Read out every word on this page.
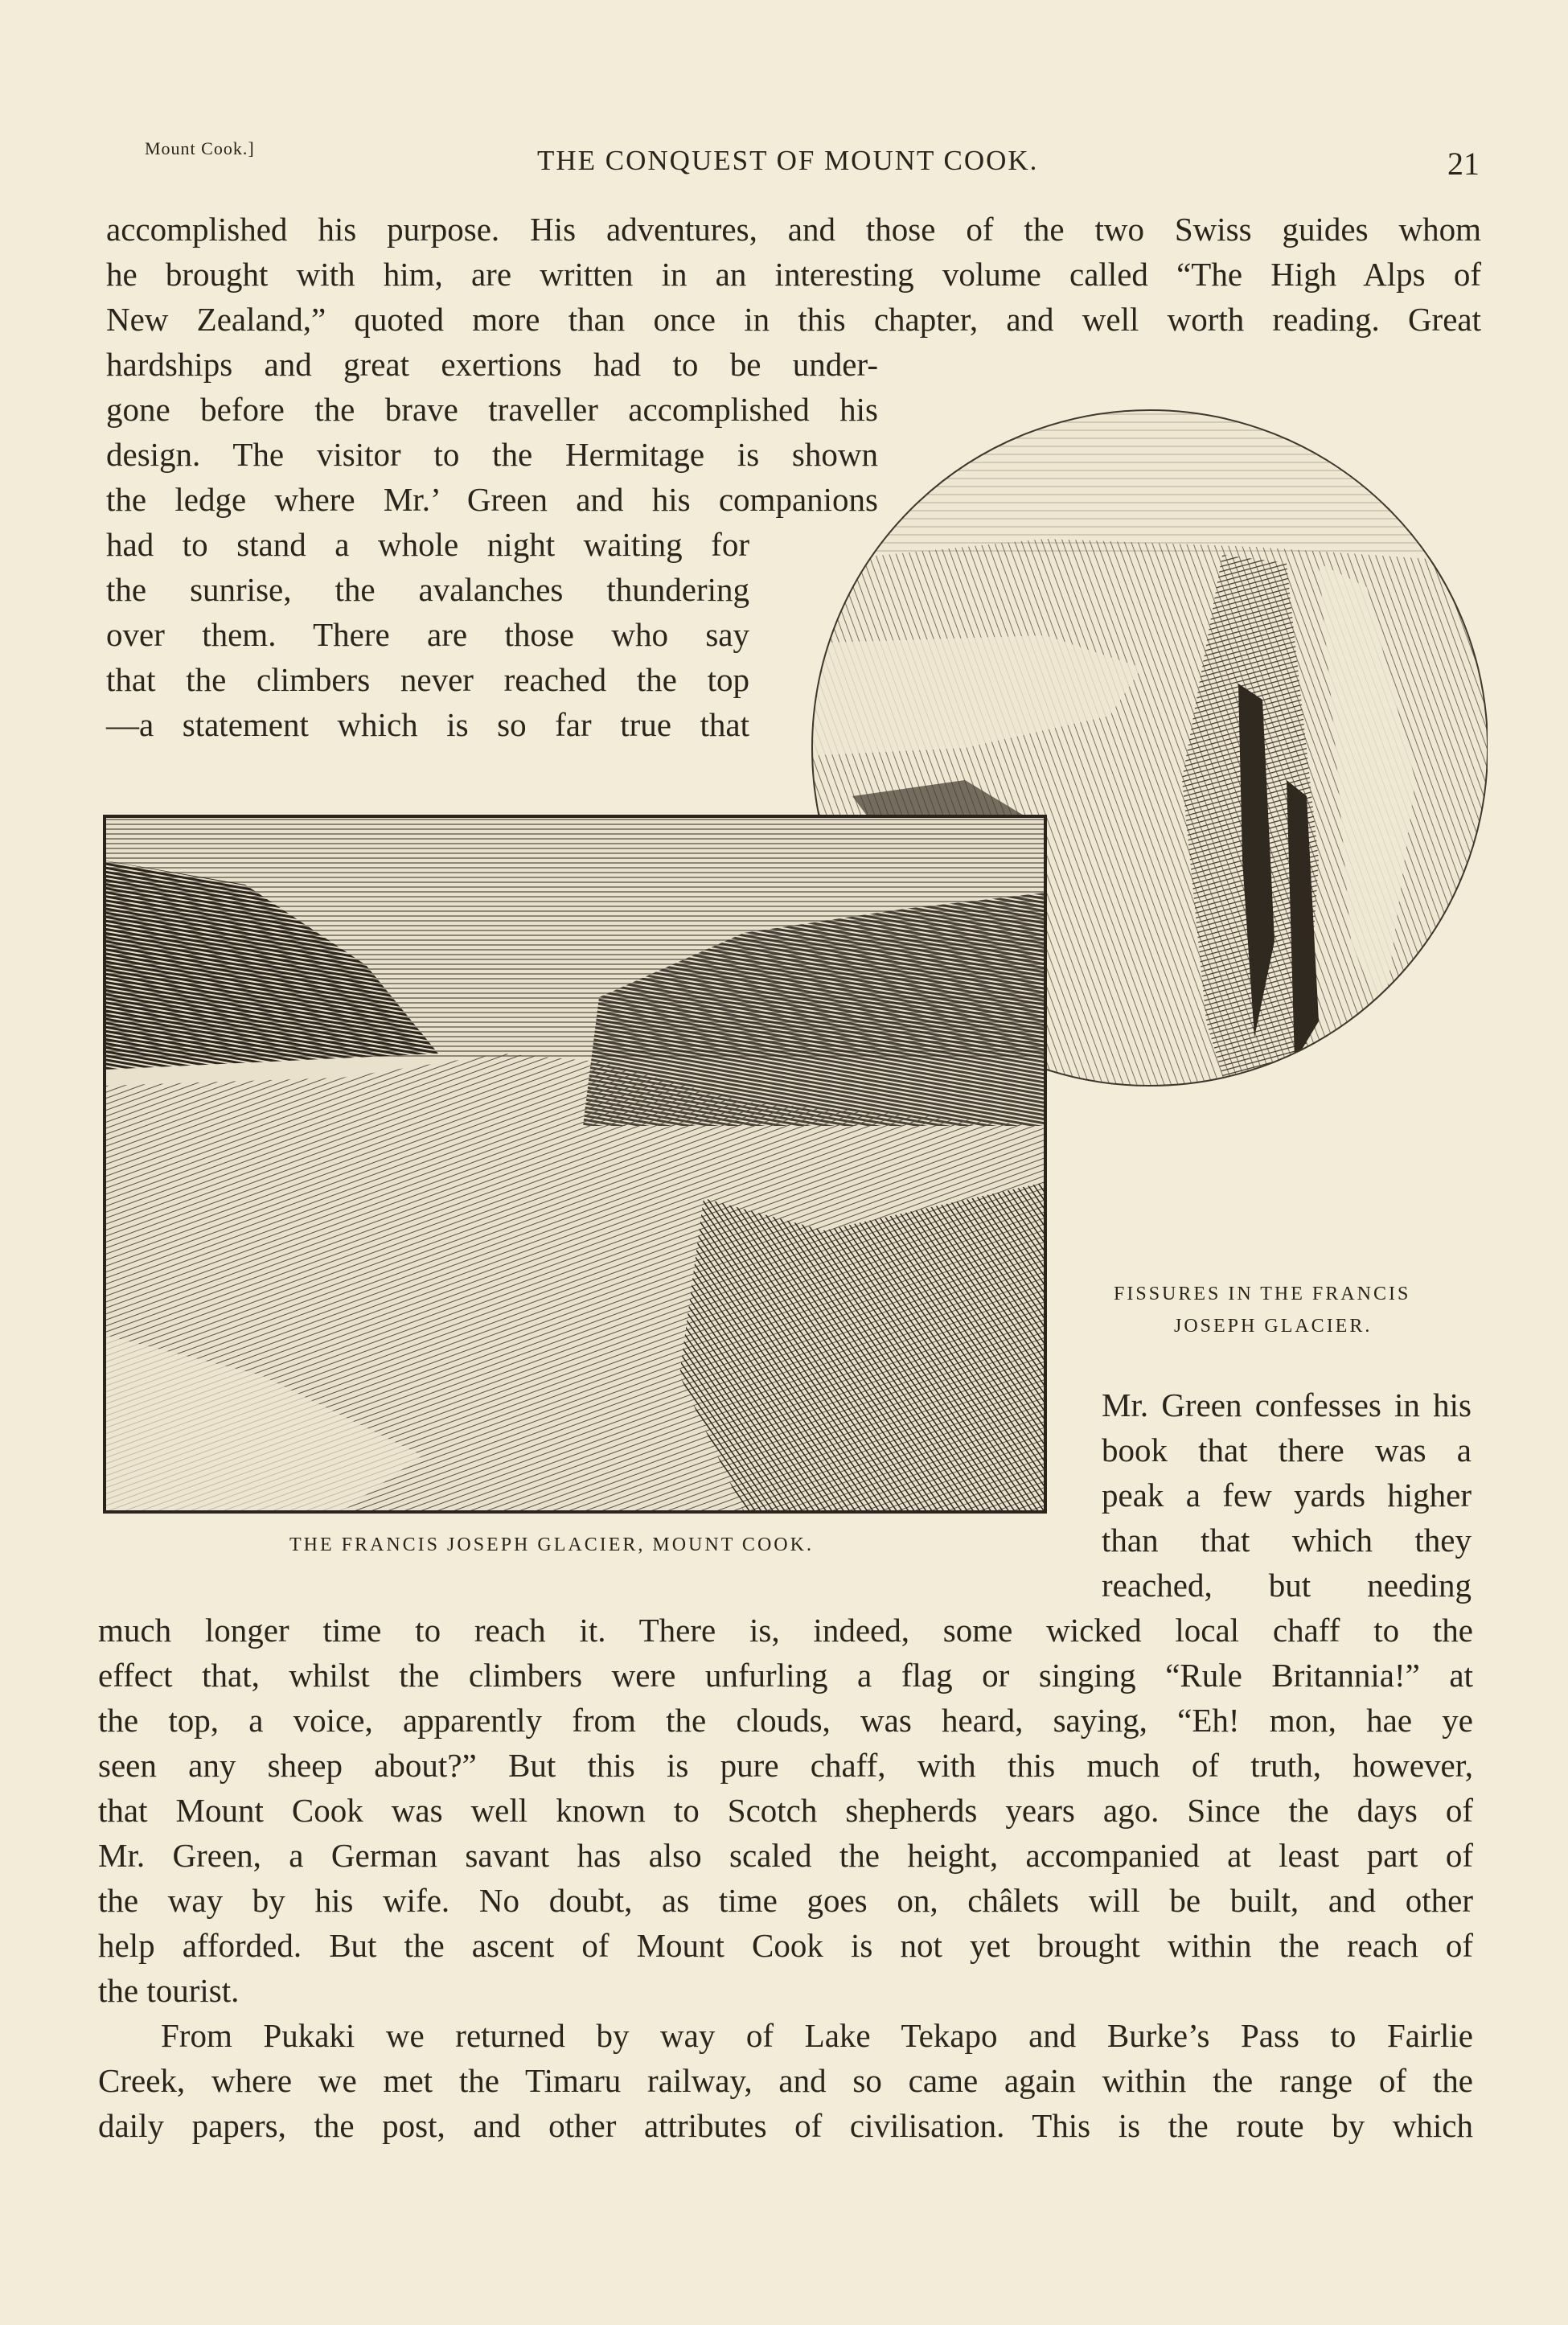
Mount Cook.]	THE CONQUEST OF MOUNT COOK.	21
accomplished his purpose. His adventures, and those of the two Swiss guides whom
he brought with him, are written in an interesting volume called “The High Alps of
New Zealand,” quoted more than once in this chapter, and well worth reading. Great
hardships and great exertions had to be under-
gone before the brave traveller accomplished his
design. The visitor to the Hermitage is shown
the ledge where Mr.’ Green and his companions
had to stand a whole night waiting for
the sunrise, the avalanches thundering
over them. There are those who say
that the climbers never reached the top
—a statement which is so far true that
FISSURES IN THE FRANCIS
JOSEPH GLACIER.
Mr. Green confesses in his
book that there was a
peak a few yards higher
than that which they
reached, but needing
THE FRANCIS JOSEPH GLACIER, MOUNT COOK.
much longer time to reach it. There is, indeed, some wicked local chaff to the
effect that, whilst the climbers were unfurling a flag or singing “Rule Britannia!” at
the top, a voice, apparently from the clouds, was heard, saying, “Eh! mon, hae ye
seen any sheep about?” But this is pure chaff, with this much of truth, however,
that Mount Cook was well known to Scotch shepherds years ago. Since the days of
Mr. Green, a German savant has also scaled the height, accompanied at least part of
the way by his wife. No doubt, as time goes on, châlets will be built, and other
help afforded. But the ascent of Mount Cook is not yet brought within the reach of
the tourist.
From Pukaki we returned by way of Lake Tekapo and Burke’s Pass to Fairlie
Creek, where we met the Timaru railway, and so came again within the range of the
daily papers, the post, and other attributes of civilisation. This is the route by which
